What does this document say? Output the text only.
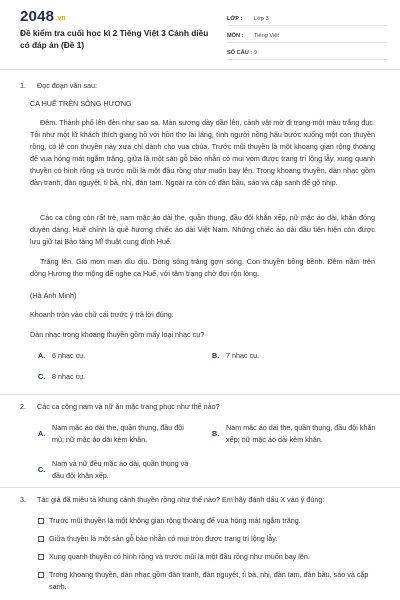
2048.vn
Đề kiểm tra cuối học kì 2 Tiếng Việt 3 Cánh diều có đáp án (Đề 1)
LỚP :	Lớp 3
MÔN :	Tiếng Việt
SỐ CÂU : 9
1. Đọc đoạn văn sau:
CA HUẾ TRÊN SÔNG HƯƠNG
Đêm. Thành phố lên đèn như sao sa. Màn sương dày dần lên, cảnh vật mờ đi trong một màu trắng đục. Tôi như một lữ khách thích giang hồ với hồn thơ lai láng, tình người nồng hậu bước xuống một con thuyền rồng, có lẽ con thuyền này xưa chỉ dành cho vua chúa. Trước mũi thuyền là một khoang gian rộng thoáng để vua hóng mát ngắm trăng, giữa là một sàn gỗ bào nhẵn có mui vòm được trang trí lộng lẫy, xung quanh thuyền có hình rồng và trước mũi là một đầu rồng như muốn bay lên. Trong khoang thuyền, dàn nhạc gồm đàn tranh, đàn nguyệt, tì bà, nhị, đàn tam. Ngoài ra còn có đàn bầu, sáo và cặp sanh để gõ nhịp.
Các ca công còn rất trẻ, nam mặc áo dài the, quần thụng, đầu đội khăn xếp, nữ mặc áo dài, khăn đóng duyên dáng. Huế chính là quê hương chiếc áo dài Việt Nam. Những chiếc áo dài đầu tiên hiện còn được lưu giữ tại Bảo tàng Mĩ thuật cung đình Huế.
Trăng lên. Gió mơn man dìu dịu. Dòng sông trăng gợn sóng. Con thuyền bồng bềnh. Đêm nằm trên dòng Hương thơ mộng để nghe ca Huế, với tâm trạng chờ đợi rộn lòng.
(Hà Ánh Minh)
Khoanh tròn vào chữ cái trước ý trả lời đúng:
Dàn nhạc trong khoang thuyền gồm mấy loại nhạc cụ?
A. 6 nhạc cụ.	B. 7 nhạc cụ.
C. 8 nhạc cụ.
2. Các ca công nam và nữ ăn mặc trang phục như thế nào?
A.
Nam mặc áo dài the, quần thụng, đầu đội mũ; nữ mặc áo dài kèm khăn.
B.
Nam mặc áo dài the, quần thụng, đầu đội khăn xếp; nữ mặc áo dài kèm khăn.
C.
Nam và nữ đều mặc áo dài, quần thụng và đầu đội khăn xếp.
3. Tác giả đã miêu tả khung cảnh thuyền rồng như thế nào? Em hãy đánh dấu X vào ý đúng:
Trước mũi thuyền là một không gian rộng thoáng để vua hóng mát ngắm trăng.
Giữa thuyền là một sàn gỗ bào nhẵn có mui tròn được trang trí lộng lẫy.
Xung quanh thuyền có hình rồng và trước mũi là một đầu rồng như muốn bay lên.
Trong khoang thuyền, dàn nhạc gồm đàn tranh, đàn nguyệt, tì bà, nhị, đàn tam, đàn bầu, sáo và cặp sanh.
